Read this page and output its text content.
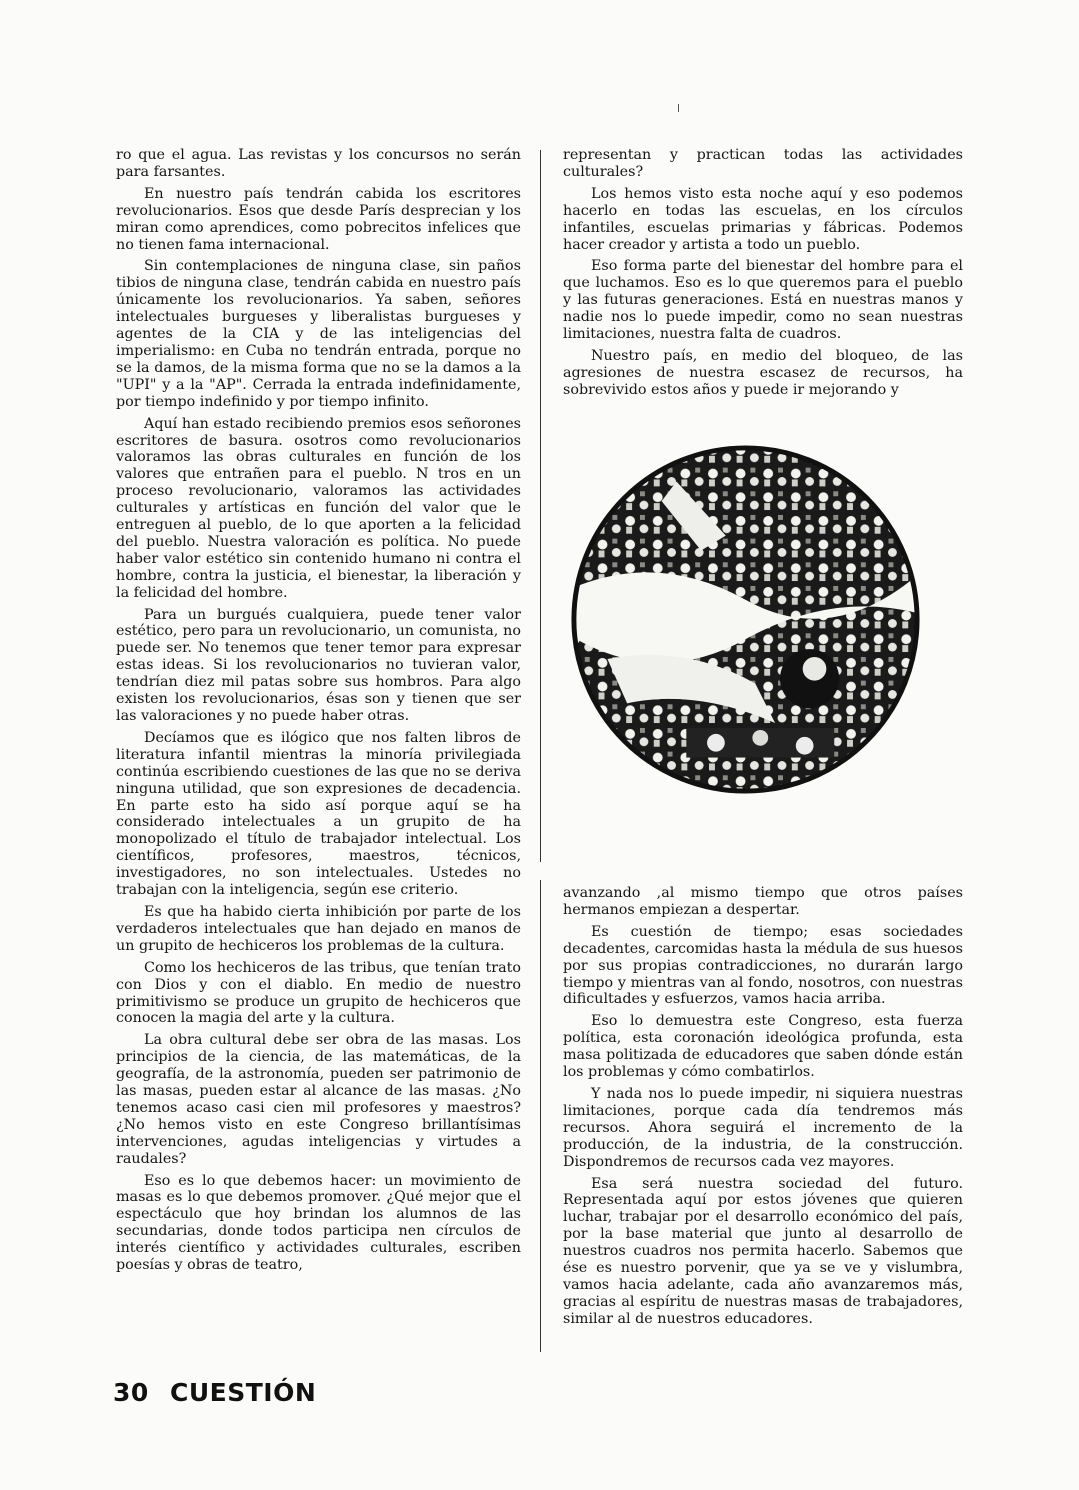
ro que el agua. Las revistas y los concursos no serán para farsantes.

En nuestro país tendrán cabida los escritores revolucionarios. Esos que desde París desprecian y los miran como aprendices, como pobrecitos infelices que no tienen fama internacional.

Sin contemplaciones de ninguna clase, sin paños tibios de ninguna clase, tendrán cabida en nuestro país únicamente los revolucionarios. Ya saben, señores intelectuales burgueses y liberalistas burgueses y agentes de la CIA y de las inteligencias del imperialismo: en Cuba no tendrán entrada, porque no se la damos, de la misma forma que no se la damos a la "UPI" y a la "AP". Cerrada la entrada indefinidamente, por tiempo indefinido y por tiempo infinito.

Aquí han estado recibiendo premios esos señorones escritores de basura. osotros como revolucionarios valoramos las obras culturales en función de los valores que entrañen para el pueblo. N tros en un proceso revolucionario, valoramos las actividades culturales y artísticas en función del valor que le entreguen al pueblo, de lo que aporten a la felicidad del pueblo. Nuestra valoración es política. No puede haber valor estético sin contenido humano ni contra el hombre, contra la justicia, el bienestar, la liberación y la felicidad del hombre.

Para un burgués cualquiera, puede tener valor estético, pero para un revolucionario, un comunista, no puede ser. No tenemos que tener temor para expresar estas ideas. Si los revolucionarios no tuvieran valor, tendrían diez mil patas sobre sus hombros. Para algo existen los revolucionarios, ésas son y tienen que ser las valoraciones y no puede haber otras.

Decíamos que es ilógico que nos falten libros de literatura infantil mientras la minoría privilegiada continúa escribiendo cuestiones de las que no se deriva ninguna utilidad, que son expresiones de decadencia. En parte esto ha sido así porque aquí se ha considerado intelectuales a un grupito de ha monopolizado el título de trabajador intelectual. Los científicos, profesores, maestros, técnicos, investigadores, no son intelectuales. Ustedes no trabajan con la inteligencia, según ese criterio.

Es que ha habido cierta inhibición por parte de los verdaderos intelectuales que han dejado en manos de un grupito de hechiceros los problemas de la cultura.

Como los hechiceros de las tribus, que tenían trato con Dios y con el diablo. En medio de nuestro primitivismo se produce un grupito de hechiceros que conocen la magia del arte y la cultura.

La obra cultural debe ser obra de las masas. Los principios de la ciencia, de las matemáticas, de la geografía, de la astronomía, pueden ser patrimonio de las masas, pueden estar al alcance de las masas. ¿No tenemos acaso casi cien mil profesores y maestros? ¿No hemos visto en este Congreso brillantísimas intervenciones, agudas inteligencias y virtudes a raudales?

Eso es lo que debemos hacer: un movimiento de masas es lo que debemos promover. ¿Qué mejor que el espectáculo que hoy brindan los alumnos de las secundarias, donde todos participa nen círculos de interés científico y actividades culturales, escriben poesías y obras de teatro,

representan y practican todas las actividades culturales?

Los hemos visto esta noche aquí y eso podemos hacerlo en todas las escuelas, en los círculos infantiles, escuelas primarias y fábricas. Podemos hacer creador y artista a todo un pueblo.

Eso forma parte del bienestar del hombre para el que luchamos. Eso es lo que queremos para el pueblo y las futuras generaciones. Está en nuestras manos y nadie nos lo puede impedir, como no sean nuestras limitaciones, nuestra falta de cuadros.

Nuestro país, en medio del bloqueo, de las agresiones de nuestra escasez de recursos, ha sobrevivido estos años y puede ir mejorando y

avanzando ,al mismo tiempo que otros países hermanos empiezan a despertar.

Es cuestión de tiempo; esas sociedades decadentes, carcomidas hasta la médula de sus huesos por sus propias contradicciones, no durarán largo tiempo y mientras van al fondo, nosotros, con nuestras dificultades y esfuerzos, vamos hacia arriba.

Eso lo demuestra este Congreso, esta fuerza política, esta coronación ideológica profunda, esta masa politizada de educadores que saben dónde están los problemas y cómo combatirlos.

Y nada nos lo puede impedir, ni siquiera nuestras limitaciones, porque cada día tendremos más recursos. Ahora seguirá el incremento de la producción, de la industria, de la construcción. Dispondremos de recursos cada vez mayores.

Esa será nuestra sociedad del futuro. Representada aquí por estos jóvenes que quieren luchar, trabajar por el desarrollo económico del país, por la base material que junto al desarrollo de nuestros cuadros nos permita hacerlo. Sabemos que ése es nuestro porvenir, que ya se ve y vislumbra, vamos hacia adelante, cada año avanzaremos más, gracias al espíritu de nuestras masas de trabajadores, similar al de nuestros educadores.

30 CUESTIÓN
